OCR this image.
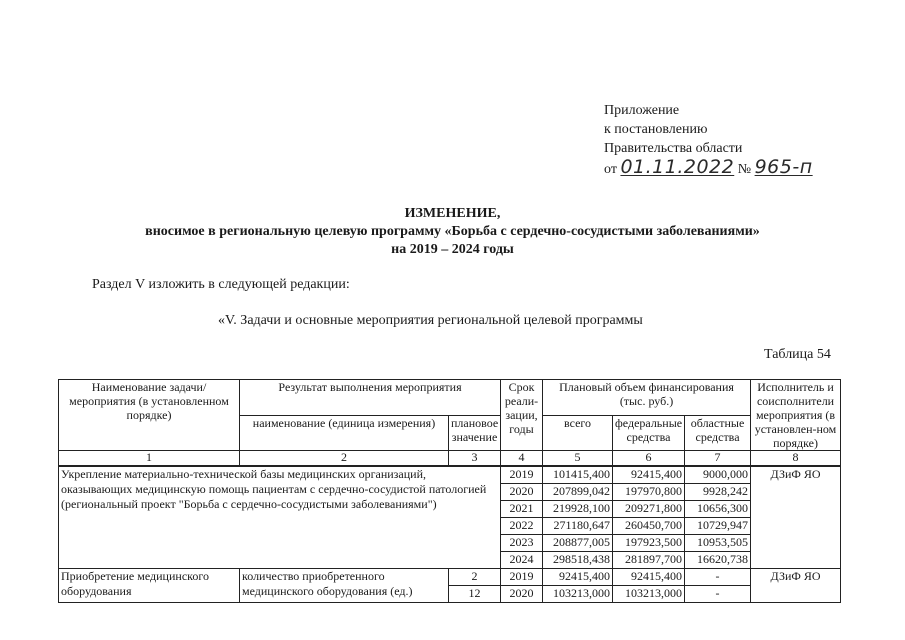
Приложение
к постановлению
Правительства области
от 01.11.2022 № 965-п
ИЗМЕНЕНИЕ,
вносимое в региональную целевую программу «Борьба с сердечно-сосудистыми заболеваниями»
на 2019 – 2024 годы
Раздел V изложить в следующей редакции:
«V. Задачи и основные мероприятия региональной целевой программы
Таблица 54
Наименование задачи/мероприятия (в установленном порядке)	Результат выполнения мероприятия		Срок реали-зации, годы	Плановый объем финансирования (тыс. руб.)			Исполнитель и соисполнители мероприятия (в установлен-ном порядке)
	наименование (единица измерения)	плановое значение		всего	федеральные средства	областные средства	
1	2	3	4	5	6	7	8
Укрепление материально-технической базы медицинских организаций, оказывающих медицинскую помощь пациентам с сердечно-сосудистой патологией (региональный проект "Борьба с сердечно-сосудистыми заболеваниями")			2019	101415,400	92415,400	9000,000	ДЗиФ ЯО
			2020	207899,042	197970,800	9928,242	
			2021	219928,100	209271,800	10656,300	
			2022	271180,647	260450,700	10729,947	
			2023	208877,005	197923,500	10953,505	
			2024	298518,438	281897,700	16620,738	
Приобретение медицинского оборудования	количество приобретенного медицинского оборудования (ед.)	2	2019	92415,400	92415,400	-	ДЗиФ ЯО
		12	2020	103213,000	103213,000	-	
